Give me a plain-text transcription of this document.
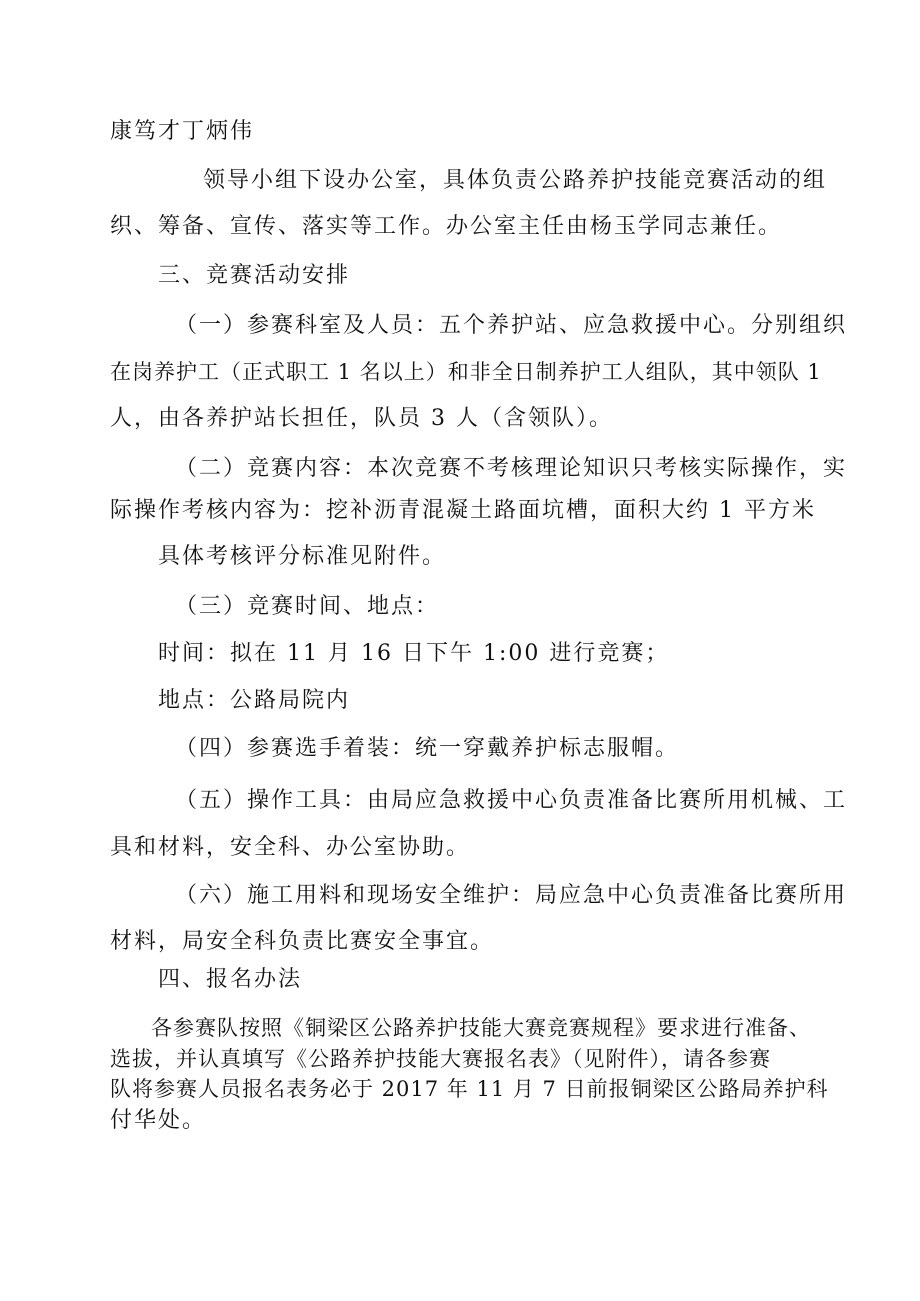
康笃才丁炳伟
领导小组下设办公室，具体负责公路养护技能竞赛活动的组
织、筹备、宣传、落实等工作。办公室主任由杨玉学同志兼任。
三、竞赛活动安排
（一）参赛科室及人员：五个养护站、应急救援中心。分别组织
在岗养护工（正式职工 1 名以上）和非全日制养护工人组队，其中领队 1
人，由各养护站长担任，队员 3 人（含领队）。
（二）竞赛内容：本次竞赛不考核理论知识只考核实际操作，实
际操作考核内容为：挖补沥青混凝土路面坑槽，面积大约 1 平方米
具体考核评分标准见附件。
（三）竞赛时间、地点：
时间：拟在 11 月 16 日下午 1:00 进行竞赛；
地点：公路局院内
（四）参赛选手着装：统一穿戴养护标志服帽。
（五）操作工具：由局应急救援中心负责准备比赛所用机械、工
具和材料，安全科、办公室协助。
（六）施工用料和现场安全维护：局应急中心负责准备比赛所用
材料，局安全科负责比赛安全事宜。
四、报名办法
各参赛队按照《铜梁区公路养护技能大赛竞赛规程》要求进行准备、
选拔，并认真填写《公路养护技能大赛报名表》（见附件），请各参赛
队将参赛人员报名表务必于 2017 年 11 月 7 日前报铜梁区公路局养护科
付华处。
